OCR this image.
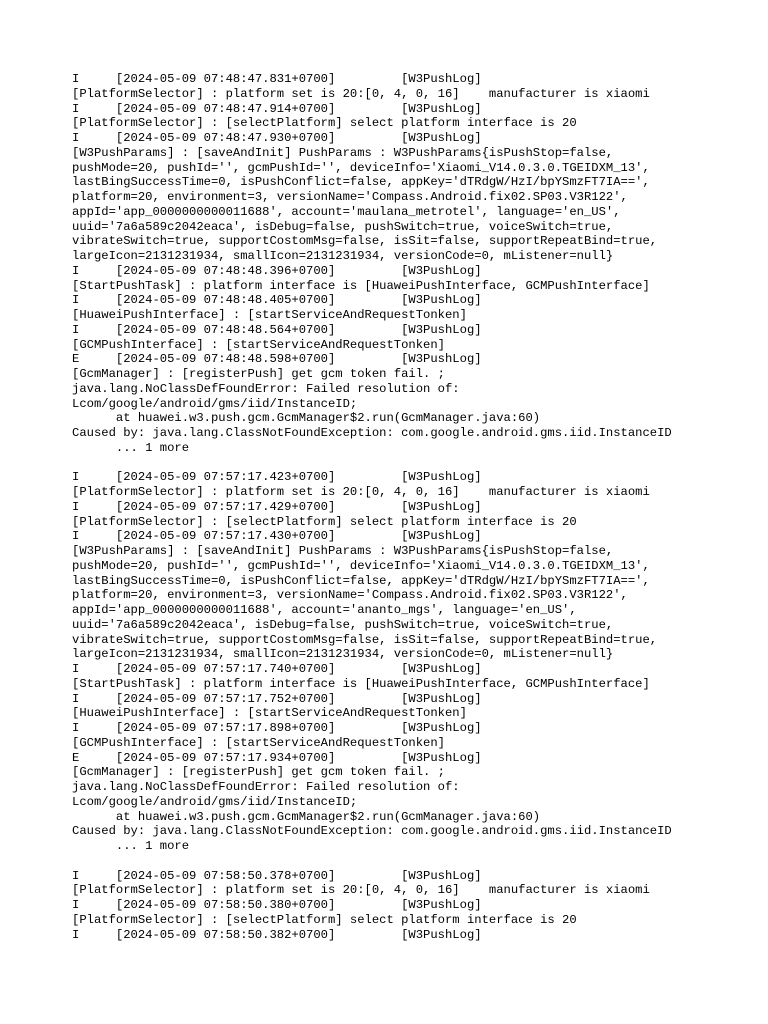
I     [2024-05-09 07:48:47.831+0700]         [W3PushLog]
[PlatformSelector] : platform set is 20:[0, 4, 0, 16]    manufacturer is xiaomi
I     [2024-05-09 07:48:47.914+0700]         [W3PushLog]
[PlatformSelector] : [selectPlatform] select platform interface is 20
I     [2024-05-09 07:48:47.930+0700]         [W3PushLog]
[W3PushParams] : [saveAndInit] PushParams : W3PushParams{isPushStop=false,
pushMode=20, pushId='', gcmPushId='', deviceInfo='Xiaomi_V14.0.3.0.TGEIDXM_13',
lastBingSuccessTime=0, isPushConflict=false, appKey='dTRdgW/HzI/bpYSmzFT7IA==',
platform=20, environment=3, versionName='Compass.Android.fix02.SP03.V3R122',
appId='app_0000000000011688', account='maulana_metrotel', language='en_US',
uuid='7a6a589c2042eaca', isDebug=false, pushSwitch=true, voiceSwitch=true,
vibrateSwitch=true, supportCostomMsg=false, isSit=false, supportRepeatBind=true,
largeIcon=2131231934, smallIcon=2131231934, versionCode=0, mListener=null}
I     [2024-05-09 07:48:48.396+0700]         [W3PushLog]
[StartPushTask] : platform interface is [HuaweiPushInterface, GCMPushInterface]
I     [2024-05-09 07:48:48.405+0700]         [W3PushLog]
[HuaweiPushInterface] : [startServiceAndRequestTonken]
I     [2024-05-09 07:48:48.564+0700]         [W3PushLog]
[GCMPushInterface] : [startServiceAndRequestTonken]
E     [2024-05-09 07:48:48.598+0700]         [W3PushLog]
[GcmManager] : [registerPush] get gcm token fail. ;
java.lang.NoClassDefFoundError: Failed resolution of:
Lcom/google/android/gms/iid/InstanceID;
at huawei.w3.push.gcm.GcmManager$2.run(GcmManager.java:60)
Caused by: java.lang.ClassNotFoundException: com.google.android.gms.iid.InstanceID
... 1 more
I     [2024-05-09 07:57:17.423+0700]         [W3PushLog]
[PlatformSelector] : platform set is 20:[0, 4, 0, 16]    manufacturer is xiaomi
I     [2024-05-09 07:57:17.429+0700]         [W3PushLog]
[PlatformSelector] : [selectPlatform] select platform interface is 20
I     [2024-05-09 07:57:17.430+0700]         [W3PushLog]
[W3PushParams] : [saveAndInit] PushParams : W3PushParams{isPushStop=false,
pushMode=20, pushId='', gcmPushId='', deviceInfo='Xiaomi_V14.0.3.0.TGEIDXM_13',
lastBingSuccessTime=0, isPushConflict=false, appKey='dTRdgW/HzI/bpYSmzFT7IA==',
platform=20, environment=3, versionName='Compass.Android.fix02.SP03.V3R122',
appId='app_0000000000011688', account='ananto_mgs', language='en_US',
uuid='7a6a589c2042eaca', isDebug=false, pushSwitch=true, voiceSwitch=true,
vibrateSwitch=true, supportCostomMsg=false, isSit=false, supportRepeatBind=true,
largeIcon=2131231934, smallIcon=2131231934, versionCode=0, mListener=null}
I     [2024-05-09 07:57:17.740+0700]         [W3PushLog]
[StartPushTask] : platform interface is [HuaweiPushInterface, GCMPushInterface]
I     [2024-05-09 07:57:17.752+0700]         [W3PushLog]
[HuaweiPushInterface] : [startServiceAndRequestTonken]
I     [2024-05-09 07:57:17.898+0700]         [W3PushLog]
[GCMPushInterface] : [startServiceAndRequestTonken]
E     [2024-05-09 07:57:17.934+0700]         [W3PushLog]
[GcmManager] : [registerPush] get gcm token fail. ;
java.lang.NoClassDefFoundError: Failed resolution of:
Lcom/google/android/gms/iid/InstanceID;
at huawei.w3.push.gcm.GcmManager$2.run(GcmManager.java:60)
Caused by: java.lang.ClassNotFoundException: com.google.android.gms.iid.InstanceID
... 1 more
I     [2024-05-09 07:58:50.378+0700]         [W3PushLog]
[PlatformSelector] : platform set is 20:[0, 4, 0, 16]    manufacturer is xiaomi
I     [2024-05-09 07:58:50.380+0700]         [W3PushLog]
[PlatformSelector] : [selectPlatform] select platform interface is 20
I     [2024-05-09 07:58:50.382+0700]         [W3PushLog]
